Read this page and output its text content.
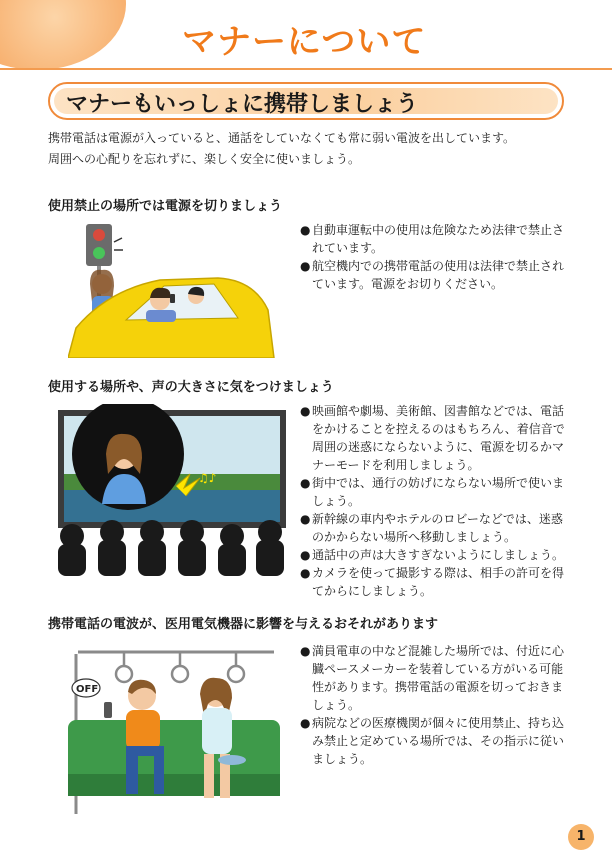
マナーについて
マナーもいっしょに携帯しましょう
携帯電話は電源が入っていると、通話をしていなくても常に弱い電波を出しています。
周囲への心配りを忘れずに、楽しく安全に使いましょう。
使用禁止の場所では電源を切りましょう
● 自動車運転中の使用は危険なため法律で禁止されています。
● 航空機内での携帯電話の使用は法律で禁止されています。電源をお切りください。
使用する場所や、声の大きさに気をつけましょう
♫♪
● 映画館や劇場、美術館、図書館などでは、電話をかけることを控えるのはもちろん、着信音で周囲の迷惑にならないように、電源を切るかマナーモードを利用しましょう。
● 街中では、通行の妨げにならない場所で使いましょう。
● 新幹線の車内やホテルのロビーなどでは、迷惑のかからない場所へ移動しましょう。
● 通話中の声は大きすぎないようにしましょう。
● カメラを使って撮影する際は、相手の許可を得てからにしましょう。
携帯電話の電波が、医用電気機器に影響を与えるおそれがあります
OFF
● 満員電車の中など混雑した場所では、付近に心臓ペースメーカーを装着している方がいる可能性があります。携帯電話の電源を切っておきましょう。
● 病院などの医療機関が個々に使用禁止、持ち込み禁止と定めている場所では、その指示に従いましょう。
1
